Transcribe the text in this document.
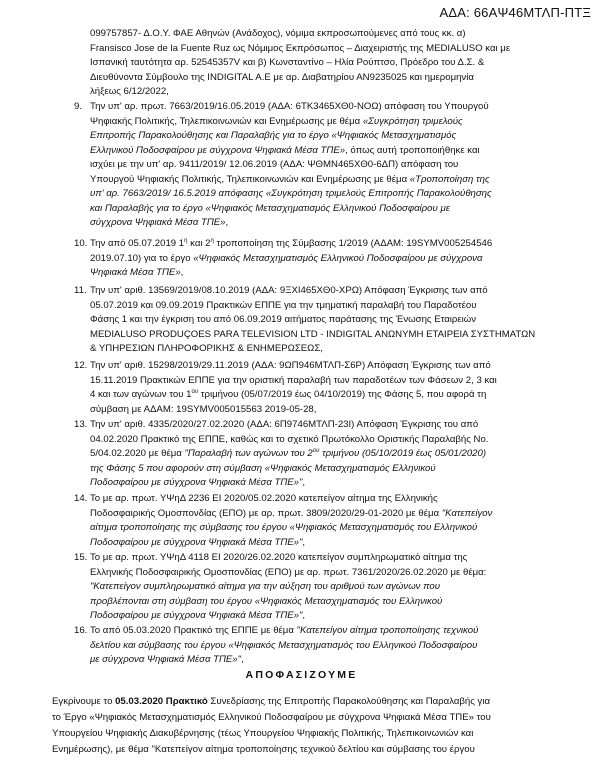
ΑΔΑ: 66ΑΨ46ΜΤΛΠ-ΠΤΞ
099757857- Δ.Ο.Υ. ΦΑΕ Αθηνών (Ανάδοχος), νόμιμα εκπροσωπούμενες από τους κκ. α)
Fransisco Jose de la Fuente Ruz ως Νόμιμος Εκπρόσωπος – Διαχειριστής της MEDIALUSO και με
Ισπανική ταυτότητα αρ. 52545357V και β) Κωνσταντίνο – Ηλία Ρούπτσο, Πρόεδρο του Δ.Σ. &
Διευθύνοντα Σύμβουλο της INDIGITAL A.E με αρ. Διαβατηρίου ΑΝ9235025 και ημερομηνία
λήξεως 6/12/2022,
9. Την υπ' αρ. πρωτ. 7663/2019/16.05.2019 (ΑΔΑ: 6ΤΚ3465ΧΘ0-ΝΟΩ) απόφαση του Υπουργού
Ψηφιακής Πολιτικής, Τηλεπικοινωνιών και Ενημέρωσης με θέμα «Συγκρότηση τριμελούς
Επιτροπής Παρακολούθησης και Παραλαβής για το έργο «Ψηφιακός Μετασχηματισμός
Ελληνικού Ποδοσφαίρου με σύγχρονα Ψηφιακά Μέσα ΤΠΕ», όπως αυτή τροποποιήθηκε και
ισχύει με την υπ' αρ. 9411/2019/ 12.06.2019 (ΑΔΑ: ΨΘΜΝ465ΧΘ0-6ΔΠ) απόφαση του
Υπουργού Ψηφιακής Πολιτικής, Τηλεπικοινωνιών και Ενημέρωσης με θέμα «Τροποποίηση της
υπ' αρ. 7663/2019/ 16.5.2019 απόφασης «Συγκρότηση τριμελούς Επιτροπής Παρακολούθησης
και Παραλαβής για το έργο «Ψηφιακός Μετασχηματισμός Ελληνικού Ποδοσφαίρου με
σύγχρονα Ψηφιακά Μέσα ΤΠΕ»,
10. Την από 05.07.2019 $1^\eta$ και $2^\eta$ τροποποίηση της Σύμβασης 1/2019 (ΑΔΑΜ: 19SYMV005254546
2019.07.10) για το έργο «Ψηφιακός Μετασχηματισμός Ελληνικού Ποδοσφαίρου με σύγχρονα
Ψηφιακά Μέσα ΤΠΕ»,
11. Την υπ' αριθ. 13569/2019/08.10.2019 (ΑΔΑ: 9ΞΧΙ465ΧΘ0-ΧΡΩ) Απόφαση Έγκρισης των από
05.07.2019 και 09.09.2019 Πρακτικών ΕΠΠΕ για την τμηματική παραλαβή του Παραδοτέου
Φάσης 1 και την έγκριση του από 06.09.2019 αιτήματος παράτασης της Ένωσης Εταιρειών
MEDIALUSO PRODUÇOES PARA TELEVISION LTD - INDIGITAL ΑΝΩΝΥΜΗ ΕΤΑΙΡΕΙΑ ΣΥΣΤΗΜΑΤΩΝ
& ΥΠΗΡΕΣΙΩΝ ΠΛΗΡΟΦΟΡΙΚΗΣ & ΕΝΗΜΕΡΩΣΕΩΣ,
12. Την υπ' αριθ. 15298/2019/29.11.2019 (ΑΔΑ: 9ΩΠ946ΜΤΛΠ-Σ6Ρ) Απόφαση Έγκρισης των από
15.11.2019 Πρακτικών ΕΠΠΕ για την οριστική παραλαβή των παραδοτέων των Φάσεων 2, 3 και
4 και των αγώνων του $1^{o\upsilon}$ τριμήνου (05/07/2019 έως 04/10/2019) της Φάσης 5, που αφορά τη
σύμβαση με ΑΔΑΜ: 19SYMV005015563 2019-05-28,
13. Την υπ' αριθ. 4335/2020/27.02.2020 (ΑΔΑ: 6Π9746ΜΤΛΠ-23Ι) Απόφαση Έγκρισης του από
04.02.2020 Πρακτικό της ΕΠΠΕ, καθώς και το σχετικό Πρωτόκολλο Οριστικής Παραλαβής Νο.
5/04.02.2020 με θέμα "Παραλαβή των αγώνων του $2^{o\upsilon}$ τριμήνου (05/10/2019 έως 05/01/2020)
της Φάσης 5 που αφορούν στη σύμβαση «Ψηφιακός Μετασχηματισμός Ελληνικού
Ποδοσφαίρου με σύγχρονα Ψηφιακά Μέσα ΤΠΕ»",
14. Το με αρ. πρωτ. ΥΨηΔ 2236 ΕΙ 2020/05.02.2020 κατεπείγον αίτημα της Ελληνικής
Ποδοσφαιρικής Ομοσπονδίας (ΕΠΟ) με αρ. πρωτ. 3809/2020/29-01-2020 με θέμα "Κατεπείγον
αίτημα τροποποίησης της σύμβασης του έργου «Ψηφιακός Μετασχηματισμός του Ελληνικού
Ποδοσφαίρου με σύγχρονα Ψηφιακά Μέσα ΤΠΕ»",
15. Το με αρ. πρωτ. ΥΨηΔ 4118 ΕΙ 2020/26.02.2020 κατεπείγον συμπληρωματικό αίτημα της
Ελληνικής Ποδοσφαιρικής Ομοσπονδίας (ΕΠΟ) με αρ. πρωτ. 7361/2020/26.02.2020 με θέμα:
"Κατεπείγον συμπληρωματικό αίτημα για την αύξηση του αριθμού των αγώνων που
προβλέπονται στη σύμβαση του έργου «Ψηφιακός Μετασχηματισμός του Ελληνικού
Ποδοσφαίρου με σύγχρονα Ψηφιακά Μέσα ΤΠΕ»",
16. Το από 05.03.2020 Πρακτικό της ΕΠΠΕ με θέμα "Κατεπείγον αίτημα τροποποίησης τεχνικού
δελτίου και σύμβασης του έργου «Ψηφιακός Μετασχηματισμός του Ελληνικού Ποδοσφαίρου
με σύγχρονα Ψηφιακά Μέσα ΤΠΕ»",
ΑΠΟΦΑΣΙΖΟΥΜΕ
Εγκρίνουμε το 05.03.2020 Πρακτικό Συνεδρίασης της Επιτροπής Παρακολούθησης και Παραλαβής για
το Έργο «Ψηφιακός Μετασχηματισμός Ελληνικού Ποδοσφαίρου με σύγχρονα Ψηφιακά Μέσα ΤΠΕ» του
Υπουργείου Ψηφιακής Διακυβέρνησης (τέως Υπουργείου Ψηφιακής Πολιτικής, Τηλεπικοινωνιών και
Ενημέρωσης), με θέμα "Κατεπείγον αίτημα τροποποίησης τεχνικού δελτίου και σύμβασης του έργου
